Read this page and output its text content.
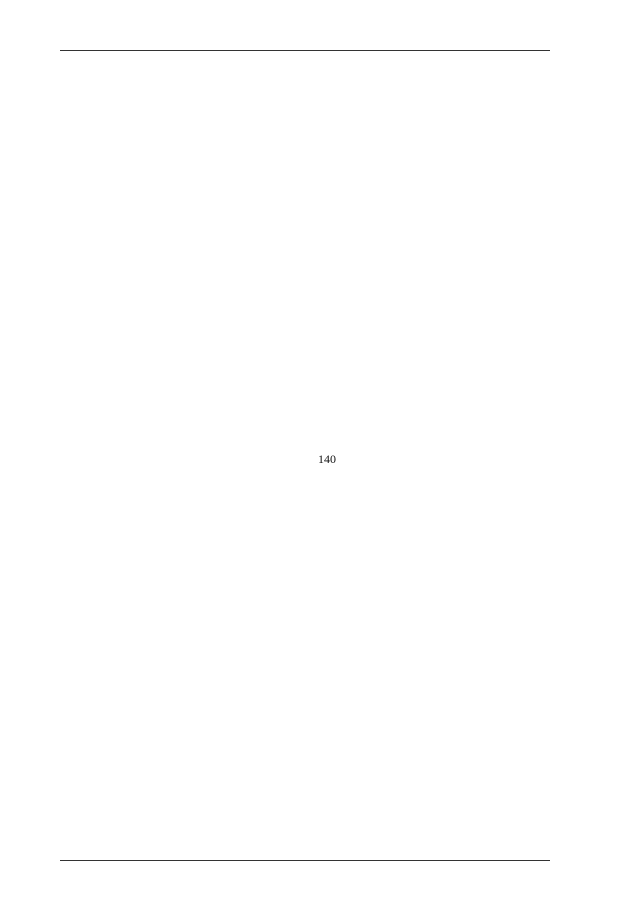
140
